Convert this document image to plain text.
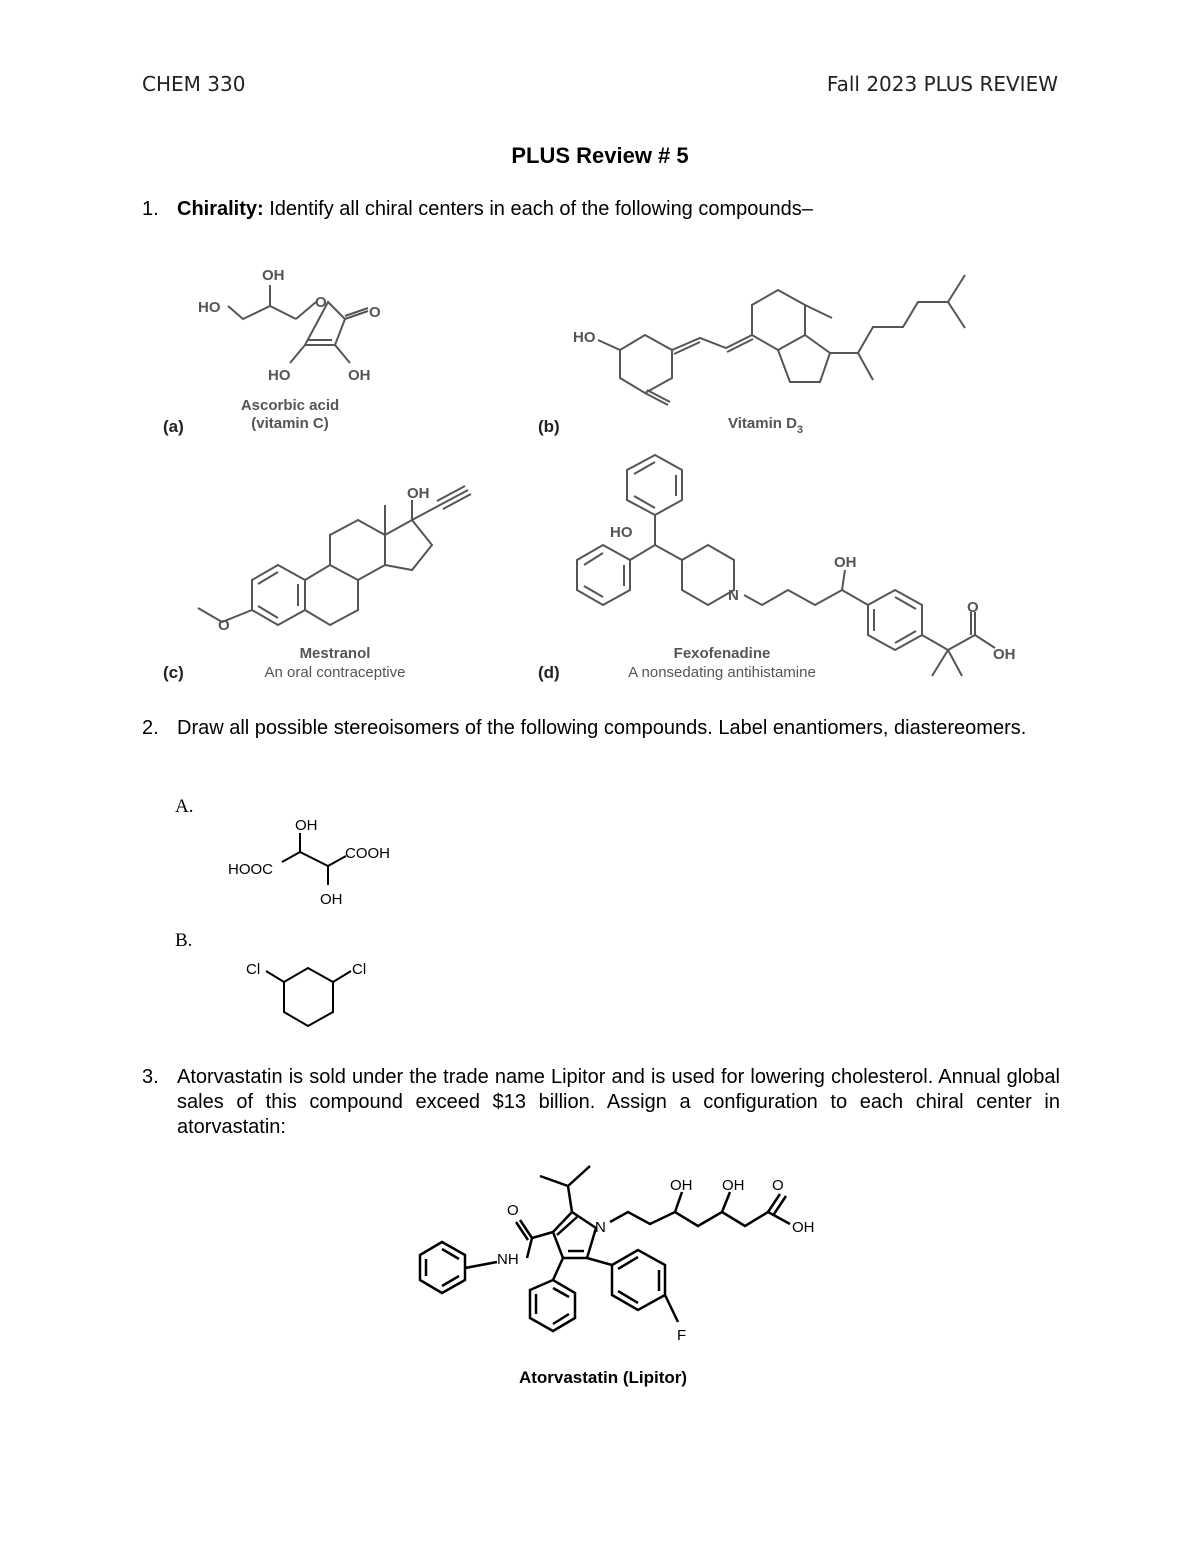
CHEM 330	Fall 2023 PLUS REVIEW
PLUS Review # 5
1. Chirality: Identify all chiral centers in each of the following compounds–
2. Draw all possible stereoisomers of the following compounds. Label enantiomers, diastereomers.
A.
B.
3. Atorvastatin is sold under the trade name Lipitor and is used for lowering cholesterol. Annual global sales of this compound exceed $13 billion. Assign a configuration to each chiral center in atorvastatin:
OH
HO	O
O
HO	OH
Ascorbic acid
(vitamin C)
(a)
HO
Vitamin $D_3$
(b)
O
OH
Mestranol
An oral contraceptive
(c)
HO
N
OH
O
OH
Fexofenadine
A nonsedating antihistamine
(d)
OH
COOH
HOOC
OH
Cl	Cl
NH
O
N
OH OH O
OH
F
Atorvastatin (Lipitor)
